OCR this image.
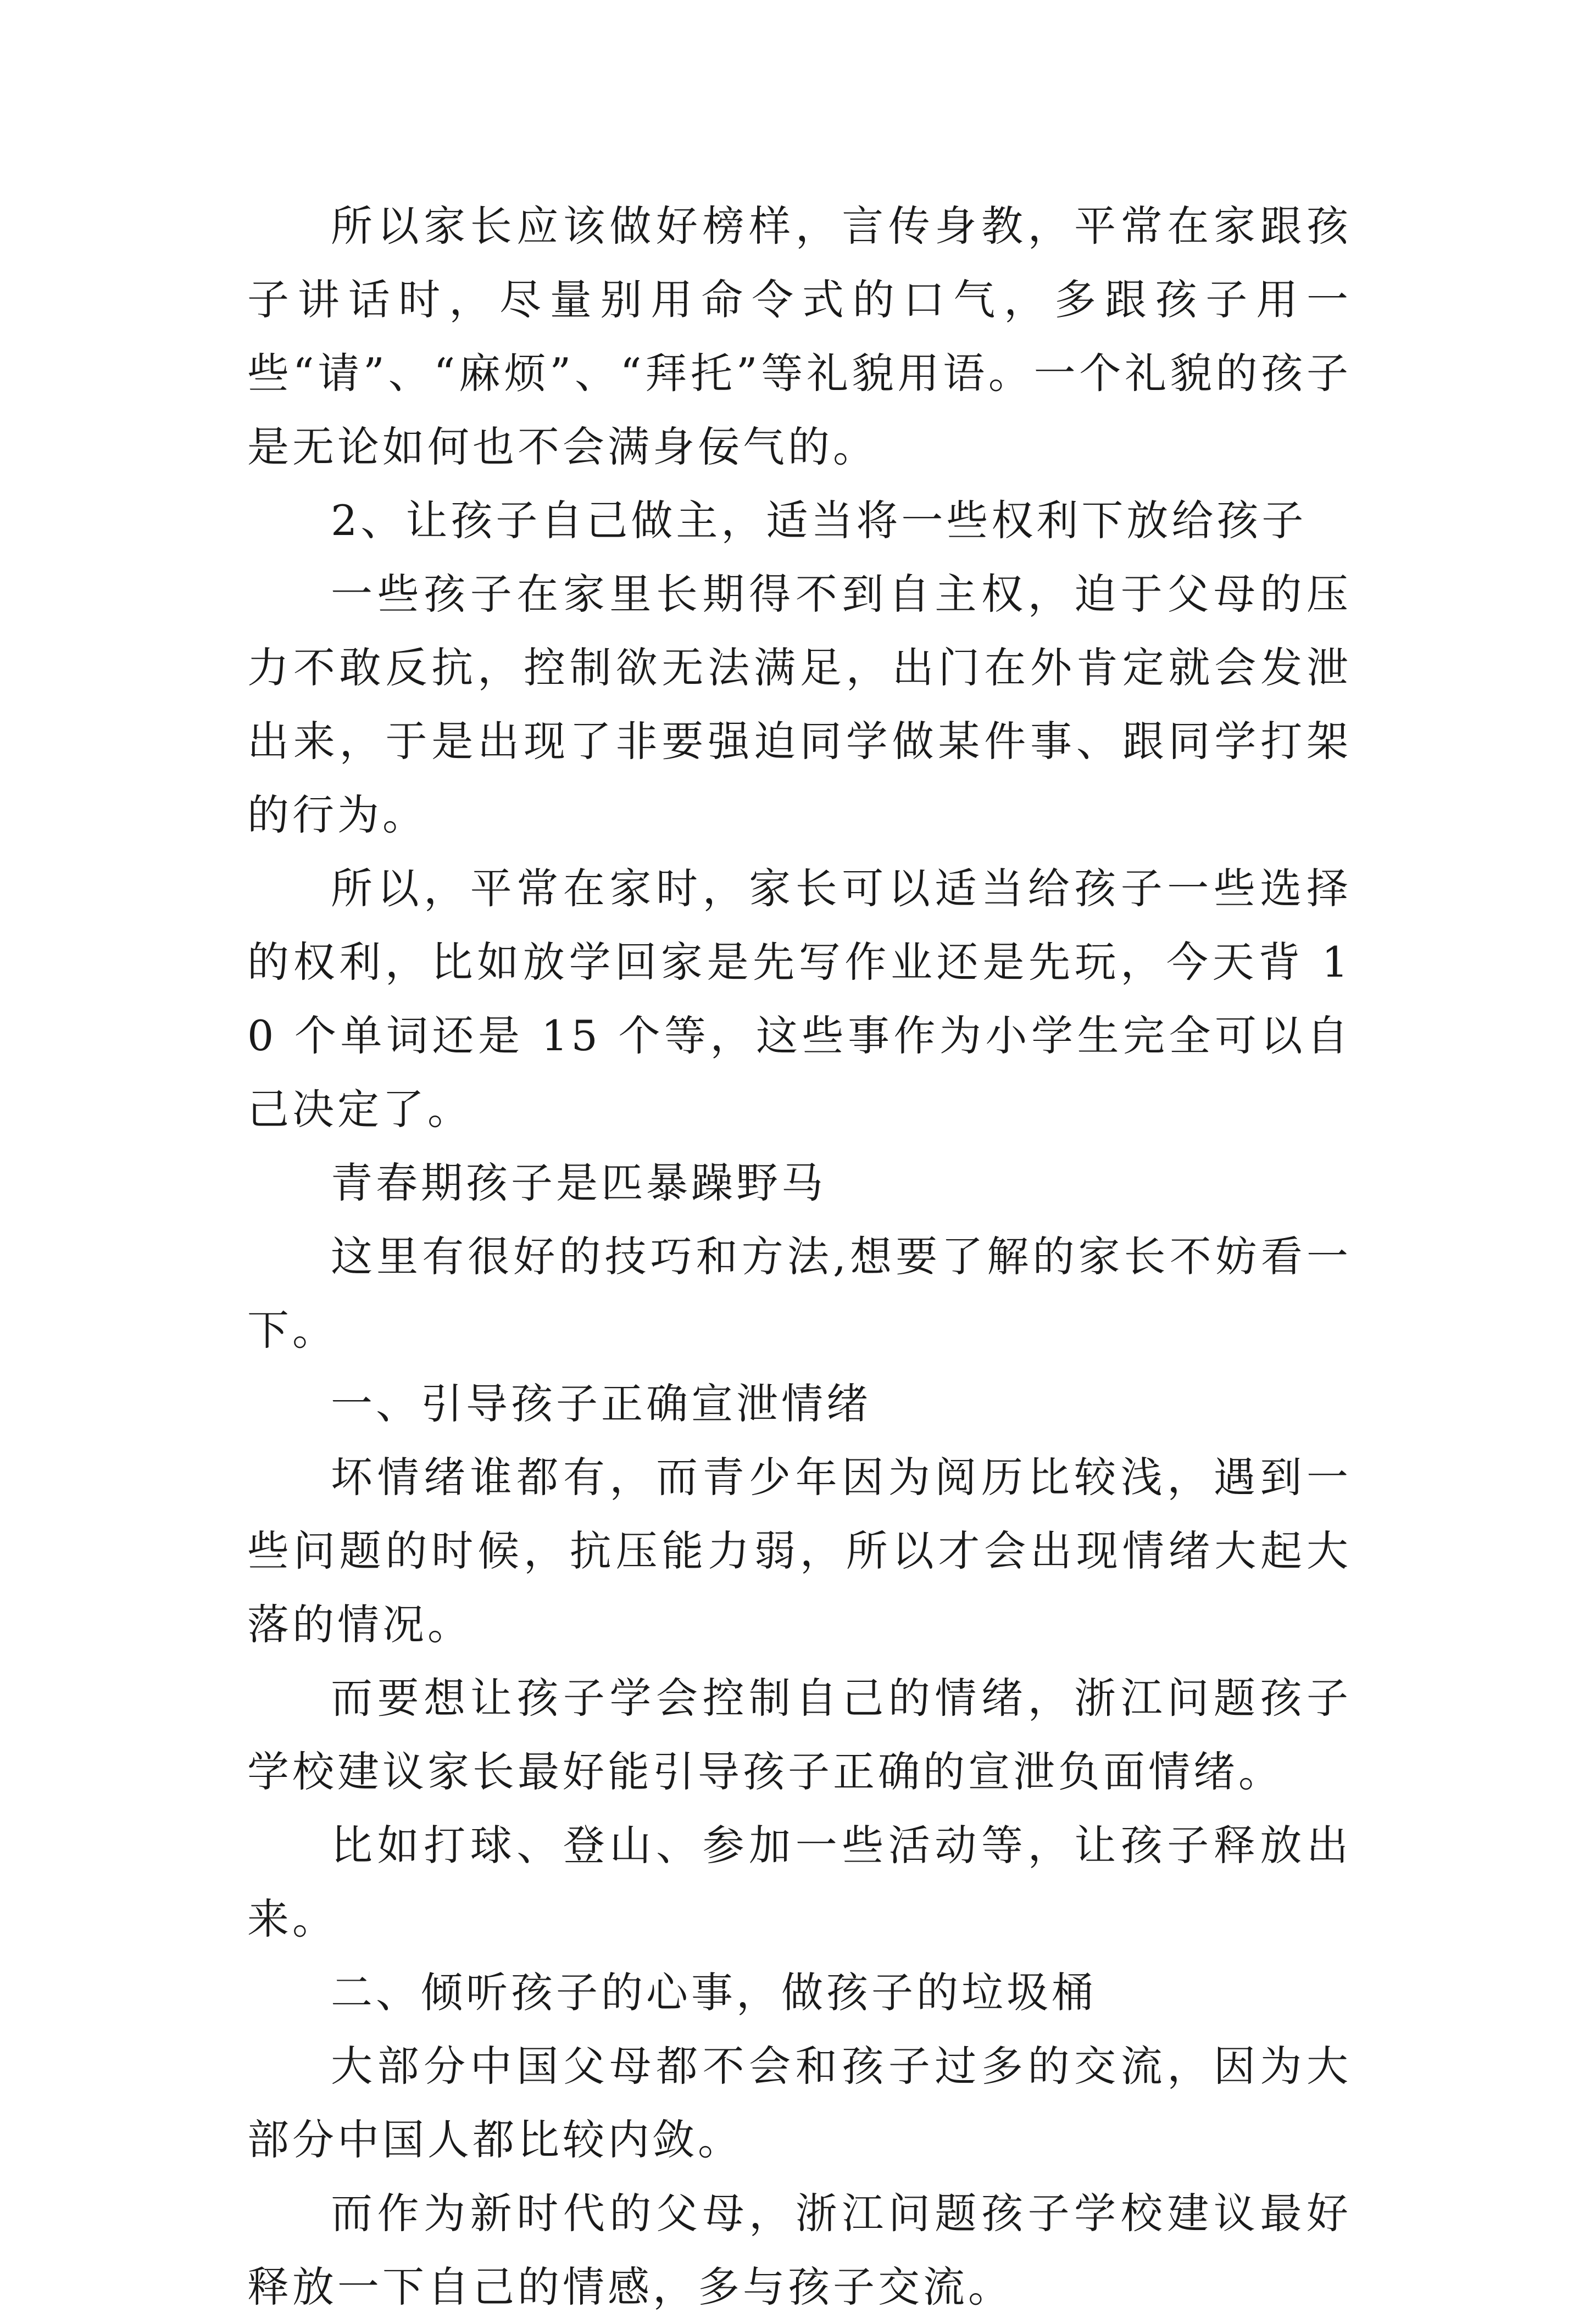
所以家长应该做好榜样，言传身教，平常在家跟孩子讲话时，尽量别用命令式的口气，多跟孩子用一些“请”、“麻烦”、“拜托”等礼貌用语。一个礼貌的孩子是无论如何也不会满身佞气的。

2、让孩子自己做主，适当将一些权利下放给孩子

一些孩子在家里长期得不到自主权，迫于父母的压力不敢反抗，控制欲无法满足，出门在外肯定就会发泄出来，于是出现了非要强迫同学做某件事、跟同学打架的行为。

所以，平常在家时，家长可以适当给孩子一些选择的权利，比如放学回家是先写作业还是先玩，今天背 10 个单词还是 15 个等，这些事作为小学生完全可以自己决定了。

青春期孩子是匹暴躁野马

这里有很好的技巧和方法,想要了解的家长不妨看一下。

一、引导孩子正确宣泄情绪

坏情绪谁都有，而青少年因为阅历比较浅，遇到一些问题的时候，抗压能力弱，所以才会出现情绪大起大落的情况。

而要想让孩子学会控制自己的情绪，浙江问题孩子学校建议家长最好能引导孩子正确的宣泄负面情绪。

比如打球、登山、参加一些活动等，让孩子释放出来。

二、倾听孩子的心事，做孩子的垃圾桶

大部分中国父母都不会和孩子过多的交流，因为大部分中国人都比较内敛。

而作为新时代的父母，浙江问题孩子学校建议最好释放一下自己的情感，多与孩子交流。
